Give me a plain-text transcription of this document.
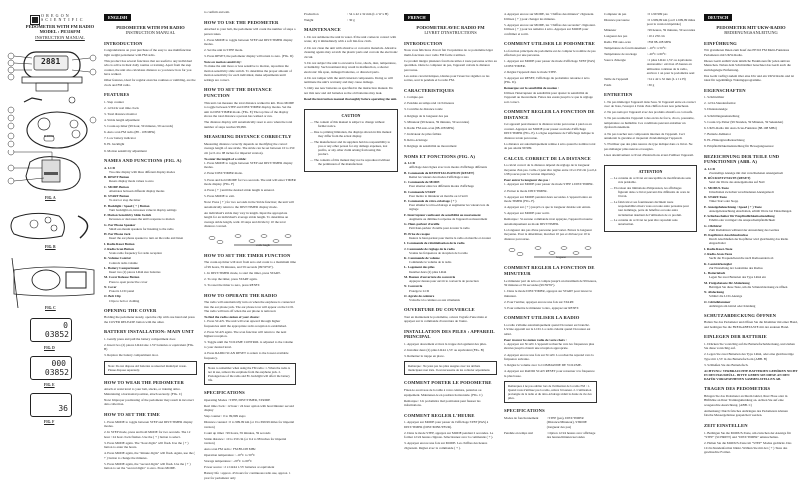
OREGON
SCIENTIFIC
PEDOMETER WITH FM RADIO
MODEL : PE316FM
INSTRUCTION MANUAL
2881
RADIO
FIG. A
FIG. B
FIG. C
0
03852
FIG. D
000
03852
FIG. E
36
FIG. F
ENGLISH
PEDOMETER WITH FM RADIO
INSTRUCTION MANUAL
INTRODUCTION
Congratulations on your purchase of the easy to use multifunction light weight pedometer with FM radio.
This product has several functions that are useful to any individual who is active in their daily routine or training. Apart from the step counter, the unit also calculates distance so you know how far you have walked.
Other features, ideal for regular exercise routines or rambling, are the clock and FM radio.
FEATURES
1. Step counter
2. 12/24 hr real time clock
3. Total distance monitor
4. Stride length adjustment
5. Count-up timer (99 hour, 59 minutes, 59 seconds)
6. Auto scan FM radio (88 - 108 MHz)
7. Low battery indicator
8. EL backlight
9. Motion sensitivity adjustment
NAMES AND FUNCTIONS (FIG. A)
A. LCD
Two-line display with three different display modes
B. RESET Button
Resets display mode values to zero
C. MODE Button
Alternates between different display modes
D. START Button
To start or stop the timer
E. Backlight / Speed ( + ) Button
Turn backlight on, increases value in display settings
F. Motion Sensitivity Slide Switch
Increases or decreases the unit's response to motion
G. Ear Phone Speaker
Small ear-mount speakers for listening to the radio
H. Ear Phone Jack
Insert the ear phone speaker to turn on the radio and listen
I. Radio Reset Button
J. Radio Scan Button
Scans radio frequency for radio reception
K. Volume Control
Controls radio volume
L. Battery Compartment
Insert two (2) pieces LR44 size batteries
M. Cover Release Button
Press to open protective cover
N. Cover
Protects LCD panel
O. Belt Clip
Clips to belt or clothing
OPENING THE COVER
Holding the pedometer steady, open the clip with one hand and press the COVER RELEASE button with the other.
BATTERY INSTALLATION: MAIN UNIT
1. Gently press and pull the battery compartment door.
2. Insert two (2) pieces LR44 size 1.5V batteries or equivalent (FIG. B)
3. Replace the battery compartment door.
Note: Do not dispose old batteries as unsorted municipal waste. Please dispose separately.
HOW TO WEAR THE PEDOMETER
Attach at waist level to your belt, slacks, or training attire. Maintaining a horizontal position, attach securely. (FIG. C)
Note: Improper positioning of the pedometer may result in incorrect data collection.
HOW TO SET THE TIME
1. Press MODE to toggle between STEP and DIST/TIMER display modes.
2. In STEP mode, press and hold MODE for two seconds. The 12 hour / 24 hour clock flashes. Use the ( + ) button to select.
3. Press MODE again. The "hour digits" will flash. Use the ( + ) button to enter the hours.
4. Press MODE again, the "minute digits" will flash. Again, use the ( + ) button to change the minutes.
5. Press MODE again, the "second digits" will flash. Use the ( + ) button to set the "second digits" to zero. Press MODE.
to confirm and exit.
HOW TO USE THE PEDOMETER
Attached to your belt, the pedometer will count the number of steps a person takes.
1. Press MODE to toggle between STEP and DIST/TIMER display modes.
2. Set the unit in STEP mode.
3. Press RESET, the pedometer display will return to zero. (FIG. D)
Note on motion sensitivity:
To make the unit more or less sensitive to motion, reposition the motion sensitivity slide switch. To determine the proper amount of motion sensitivity for each individual, make adjustments until settings are correct.
HOW TO SET THE DISTANCE FUNCTION
This unit can measure the total distance walked in km. Press MODE to toggle between STEP and DIST/TIMER display modes. Set the unit in DIST/TIMER mode. (FIG. E) The top line of the display shows the total distance a person has walked or run.
The distance display will automatically reset to zero when the total number of steps reaches 99,999.
MEASURING DISTANCE CORRECTLY
Measuring distance correctly depends on modifying the correct average length of one stride. The stride can be set between 10 to 250 cm (or 0.4 to 98 inches for imperial version).
To enter the length of a stride:
1. Press MODE to toggle between STEP and DIST/TIMER display modes.
2. Enter DIST/TIMER mode.
3. Press and hold MODE for two seconds. The unit will enter TIMER mode display. (FIG. F)
4. Press ( + ) until the desired stride length is entered.
5. Press MODE to exit.
Note: Press ( + ) for two seconds in the Stride function; the unit will automatically return to the DIST/TIMER display mode.
An individual's stride may vary in length. Input the appropriate length for an individual's average stride length. To determine an average stride length, walk 10 steps and divide by 10 the total distance covered.
stride length
HOW TO SET THE TIMER FUNCTION
The count-up timer will start from zero and count to a maximum time of 99 hours, 59 minutes, and 59 seconds (99:59'59").
1. In DIST/TIMER mode, to start the timer, press START.
2. To stop the timer, press START again.
3. To reset the timer to zero, press RESET.
HOW TO OPERATE THE RADIO
The radio will automatically turn on when the earphone is connected into the ear phone jack. The ear phone icon will appear on the LCD. The radio will turn off when the ear phone is removed.
To find the radio station of your choice:
1. Press SCAN. The unit will scan upward through higher frequencies until the appropriate radio reception is established.
2. Press SCAN again. The scan function will return to the next highest reception.
3. Toggle until the VOLUME CONTROL is adjusted to the volume to your desired level.
4. Press RADIO SCAN RESET to return to the lowest available frequency.
Notes to remember when using the FM radio: 1. When the radio is not in use, remove the earphone from the earphone jack. 2. Prolonged use of the radio and EL backlight will affect the battery life.
SPECIFICATIONS
Operating Modes : STEP, DIST/TIMER, STRIDE
Real time clock : 12 hour / 24 hour option with hour/minute/ second display
Step counter : 0 to 99,999 steps
Distance counted : 0 to 999.99 km (or 0 to 699.99 miles for imperial version)
Count up timer : 99 hours, 59 minutes, 59 seconds
Stride distance : 10 to 250 cm (or 0.4 to 98 inches for imperial version)
Auto scan FM radio : FM 88-108 MHz
Operation temperature : -10°C to 50°C
Storage temperature : -20°C to 60°C
Power source : 2 x LR44 1.5V batteries or equivalent
Battery life : approx. 45 hours for continuous radio use, approx. 1 year for pedometer only
Production	: 54 x 42 x 32 mm (L x W x H)
Weight	: 30 g
MAINTENANCE
1. Do not submerse the unit in water. If the unit comes in contact with water, dry it immediately with a soft lint-free cloth.
2. Do not clean the unit with abrasive or corrosive materials. Abrasive cleaning agents may scratch the plastic parts and corrode the electronic circuit.
3. Do not subject the unit to excessive force, shock, dust, temperature, or humidity. Such treatment may result in malfunction, a shorter electronic life span, damaged batteries, or distorted parts.
4. Do not tamper with the unit's internal components. Doing so will terminate the unit's warranty and may cause damage.
5. Only use new batteries as specified in the instruction manual. Do not mix new and old batteries as the old batteries may leak.
Read the instruction manual thoroughly before operating the unit.
CAUTION
— The content of this manual is subject to change without further notice.
— Due to printing limitation, the displays shown in this manual may differ from the actual display.
— The manufacturer and its suppliers hold no responsibility to you or any other person for any damage expenses, lost profits, or any other claim arising from using this product.
— The contents of this manual may not be reproduced without the permission of the manufacturer.
FRENCH
PODOMETRE AVEC RADIO FM
LIVRET D'INSTRUCTIONS
INTRODUCTION
Nous vous félicitons d'avoir fait l'acquisition de ce podomètre léger multi-fonctions avec radio FM facile à utiliser.
Ce produit intègre plusieurs fonctions utiles à toute personne active au quotidien. Outre le compteur de pas, l'appareil calcule la distance parcourue.
Les autres caractéristiques, idéales pour l'exercice régulier ou les sorties, sont la pendule et la radio FM.
CARACTERISTIQUES
1. Compte-pas
2. Pendule en temps réel 12/24 heures
3. Contrôle de distance totale
4. Réglage de la longueur des pas
5. Minuteur (99 heures, 59 minutes, 59 secondes)
6. Radio FM auto-scan (88-108 MHz)
7. Indicateur de piles faibles
8. Rétro-éclairage
9. Réglage de sensibilité au mouvement
NOMS ET FONCTIONS (FIG. A)
A. LCD
Affichage deux lignes avec trois modes d'affichage différents
B. Commande de REINITIALISATION (RESET)
Remet les valeurs des modes d'affichage à zéro
C. Commande de MODE
Pour alterner entre les différents modes d'affichage
D. Commande START
Pour mettre le minuteur en marche ou à l'arrêt
E. Commande de rétro-éclairage ( + )
Pour allumer le rétro-éclairage et augmenter les valeurs lors du réglage
F. Interrupteur coulissant de sensibilité au mouvement
Augmente ou diminue la réponse de l'appareil au mouvement
G. Haut-parleur d'oreille
Petit haut-parleur d'oreille pour écouter la radio
H. Prise de casque
Insérez le haut-parleur pour mettre la radio en marche et écouter
I. Commande de réinitialisation de la radio
J. Commande de réglage de la radio
Scanne les fréquences de réception de la radio
K. Commande de volume
Commande le volume de la radio
L. Logement des piles
Installez deux (2) piles LR44
M. Bouton d'ouverture du couvercle
Appuyez dessus pour ouvrir le couvercle de protection
N. Couvercle
Protège le LCD
O. Agrafe de ceinture
S'attache à la ceinture ou aux vêtements
OUVERTURE DU COUVERCLE
Tout en maintenant le podomètre, ouvrez l'agrafe d'une main et appuyez sur la commande d'ouverture de l'autre.
INSTALLATION DES PILES : APPAREIL PRINCIPAL
1. Appuyez doucement et tirez la trappe du logement des piles.
2. Installez deux (2) piles LR44 1,5V ou équivalent (FIG. B)
3. Remettez la trappe en place.
Remarque : Ne jetez pas les piles usagées avec les déchets municipaux non triés. Il est nécessaire de les collecter séparément.
COMMENT PORTER LE PODOMETRE
Fixez-le au niveau de la taille à votre ceinture, pantalon ou équipement. Maintenez-le en position horizontale. (FIG. C)
Remarque : Un podomètre mal positionné peut fausser les informations.
COMMENT REGLER L'HEURE
1. Appuyez sur MODE pour passer de l'affichage STEP (PAS) à DIST/TIMER (DIST/MINUTEUR).
2. Dans le mode STEP, appuyez sur MODE pendant 2 secondes. Le format 12/24 heures clignote. Sélectionnez avec la commande ( + ).
3. Appuyez encore une fois sur MODE. Les chiffres des heures clignotent. Réglez avec la commande ( + ).
4. Appuyez encore sur MODE, les "chiffres des minutes" clignotent. Utilisez ( + ) pour changer les minutes.
5. Appuyez encore sur MODE, les "chiffres des secondes" clignotent. Utilisez ( + ) pour les remettre à zéro. Appuyez sur MODE pour confirmer et sortir.
COMMENT UTILISER LE PODOMETRE
La fonction principale du podomètre est de compter le nombre de pas effectués par une personne.
1. Appuyez sur MODE pour passer du mode d'affichage STEP (PAS) à DIST/TIMER.
2. Réglez l'appareil dans le mode STEP.
3. Appuyez sur RESET, l'affichage du podomètre retourne à zéro (FIG. D).
Remarque sur la sensibilité de motion :
Utilisez l'interrupteur de sensibilité pour ajuster la sensibilité de l'appareil au mouvement. Faites des essais jusqu'à ce que le réglage soit correct.
COMMENT REGLER LA FONCTION DE DISTANCE
Cet appareil peut mesurer la distance totale parcourue à pied ou en courant. Appuyez sur MODE pour passer au mode d'affichage DIST/TIMER (FIG. E). La ligne supérieure de l'affichage indique la distance totale parcourue.
La distance est automatiquement remise à zéro quand le nombre total de pas atteint 99 999.
CALCUL CORRECT DE LA DISTANCE
La calcul correct de la distance dépend du réglage de la longueur moyenne d'un pas. Celle-ci peut être réglée entre 10 et 250 cm (ou 0,4 à 98 pouces pour la version impériale).
Pour entrer la longueur des pas :
1. Appuyez sur MODE pour passer du mode STEP à DIST/TIMER.
2. Entrez le mode DIST/TIMER.
3. Appuyez sur MODE pendant deux secondes. L'appareil entre en mode TIMER (FIG. F).
4. Appuyez sur ( + ) jusqu'à ce que la longueur désirée soit entrée.
5. Appuyez sur MODE pour sortir.
Remarque : Si aucune commande n'est appuyée, l'appareil retourne automatiquement au mode DIST/TIMER.
La longueur des pas d'une personne peut varier. Entrez la longueur moyenne. Pour la déterminer, marchez 10 pas et divisez par 10 la distance parcourue.
longueur
COMMENT REGLER LA FONCTION DE MINUTEUR
Le minuteur part de zéro et compte jusqu'à un maximum de 99 heures, 59 minutes et 59 secondes (99:59'59").
1. Dans le mode DIST/TIMER, appuyez sur START pour lancer le minuteur.
2. Pour l'arrêter, appuyez encore une fois sur START.
3. Pour remettre le minuteur à zéro, appuyez sur RESET.
COMMENT UTILISER LA RADIO
La radio s'allume automatiquement quand l'écouteur est branché. L'icône apparaît sur le LCD. La radio s'éteint quand l'écouteur est retiré.
Pour trouver la station radio de votre choix :
1. Appuyez sur SCAN. L'appareil recherche vers les fréquences plus élevées jusqu'à obtenir une réception appropriée.
2. Appuyez encore une fois sur SCAN. La recherche reprend vers la fréquence suivante.
3. Réglez le volume avec la COMMANDE DE VOLUME.
4. Appuyez sur RADIO SCAN RESET pour retourner à la fréquence la plus basse.
Remarques à ne pas oublier lors de l'utilisation de la radio FM : 1. Quand vous n'utilisez pas la radio, retirez l'écouteur. 2. L'utilisation prolongée de la radio et du rétro-éclairage réduit la durée de vie des piles.
SPECIFICATIONS
Modes de fonctionnement	: STEP (pas), DIST/TIMER (Distance/Minuteur), STRIDE (longueur des pas)
Pendule en temps réel	: Option 12/24 heures avec affichage des heures/minutes/secondes
Compteur de pas	: 0 à 99 999 pas
Distance parcourue	: 0 à 999,99 km (ou 0 à 699,99 miles pour la version impériale)
Minuteur	: 99 heures, 59 minutes, 59 secondes
Longueur des pas	: 10 à 250 cm
Radio FM auto-scan	: FM 88-108 MHz
Température de fonctionnement : -10°C à 50°C
Température de stockage	: -20°C à 60°C
Source d'énergie	: 2 piles LR44 1,5V ou équivalent. Autonomie : environ 45 heures en utilisation continue de la radio, environ 1 an pour le podomètre seul
Taille de l'appareil	: 54 x 42 x 32 mm (L x l x H)
Poids	: 30 g
ENTRETIEN
1. Ne pas immerger l'appareil dans l'eau. Si l'appareil entre en contact avec de l'eau, l'essuyer à l'aide d'un chiffon doux non pelucheux.
2. Ne pas nettoyer l'appareil avec des produits abrasifs ou corrosifs.
3. Ne pas soumettre l'appareil à des excès de force, chocs, poussière, température ou humidité. Ces conditions peuvent entraîner un dysfonctionnement.
4. Ne pas toucher aux composants internes de l'appareil. Ceci annulerait la garantie et risquerait d'endommager l'appareil.
5. N'utiliser que des piles neuves du type indiqué dans ce livret. Ne pas mélanger piles neuves et usagées.
Lisez attentivement ce livret d'instructions avant d'utiliser l'appareil.
ATTENTION
— Le contenu de ce livret est susceptible de modifications sans avis préalable.
— En raison des limitations d'impression, les affichages figurant dans ce livret peuvent être différents de ceux de l'écran.
— Le fabricant et ses fournisseurs déclinent toute responsabilité envers vous ou toute autre personne pour tout dommage, perte de bénéfice ou toute autre réclamation résultant de l'utilisation de ce produit.
— Le contenu de ce livret ne peut être reproduit sans autorisation.
DEUTSCH
PEDOMETER MIT UKW-RADIO
BEDIENUNGSANLEITUNG
EINFÜHRUNG
Wir gratulieren Ihnen zum Kauf des PE316 FM Multi-Funktions Pedometers mit UKW-Radio.
Dieses Gerät enthält viele nützliche Funktionen für jeden aktiven Menschen. Neben dem Schrittzähler berechnet das Gerät auch die zurückgelegte Entfernung.
Das Gerät verfügt zudem über eine Uhr und ein UKW-Radio und ist ideal für regelmäßige Trainingsprogramme.
EIGENSCHAFTEN
1. Schrittzähler
2. 12/24-Stundenformat
3. Distanzanzeige
4. Schrittlängeneinstellung
5. Count-Up-Timer (99 Stunden, 59 Minuten, 59 Sekunden)
6. UKW-Radio mit Auto-Scan-Funktion (88-108 MHz)
7. Batterie-Indikator
8. EL-Hintergrundbeleuchtung
9. Empfindlichkeitseinstellung für Bewegungssensor
BEZEICHNUNG DER TEILE UND FUNKTIONEN (ABB. A)
A. LCD
Zweizeilige Anzeige mit drei verschiedenen Anzeigemodi
B. RÜCKSETZTASTE (RESET)
Setzt die Werte des Anzeigemodus auf Null
C. MODUS-Taste
Umschalten zwischen verschiedenen Anzeigemodi
D. START-Taste
Timer Start oder Stopp
E. Anzeigebeleuchtung / Speed ( + ) Taste
Anzeigebeleuchtung einschalten, erhöht Werte bei Einstellungen
F. Schiebeschalter für Empfindlichkeitseinstellung
Erhöht oder verringert die Ansprechempfindlichkeit
G. Ohrhörer
Zum Radiohören während der Anwendung des Gerätes
H. Kopfhörer-Anschlussbuchse
Durch Anschließen der Kopfhörer wird gleichzeitig das Radio eingeschaltet
I. Radio Reset-Taste
J. Radio-Scan-Taste
Sucht die Frequenzbereiche nach Radiosendern ab
K. Lautstärkeregler
Zur Einstellung der Lautstärke des Radios
L. Batteriefach
Legen Sie zwei Batterien des Typs LR44 ein
M. Freigabetaste für Abdeckung
Betätigen Sie diese Taste, um die Schutzabdeckung zu öffnen
N. Abdeckung
Schützt die LCD-Anzeige
O. Gürtelklammer
Anbringen am Gürtel oder Kleidung
SCHUTZABDECKUNG ÖFFNEN
Halten Sie das Pedometer und öffnen Sie die Klammer mit einer Hand, und betätigen Sie die FREIGABETASTE mit der anderen Hand.
EINLEGEN DER BATTERIE
1. Drücken Sie vorsichtig auf die Batteriefachabdeckung, und ziehen Sie diese vorsichtig auf.
2. Legen Sie zwei Batterien des Typs LR44, oder eine gleichwertige Type mit 1,5V in das Batteriefach ein (ABB. B)
3. Schließen Sie das Batteriefach.
ACHTUNG: VERBRAUCHTE BATTERIEN GEHÖREN NICHT IN DEN HAUSMÜLL. BITTE GEBEN SIE DIESE AN DEN DAFÜR VORGESEHENEN SAMMELSTELLEN AB.
TRAGEN DES PEDOMETERS
Bringen Sie das Pedometer an Ihrem Gürtel, Ihrer Hose oder in Hüfthöhe an Ihrer Trainingskleidung an. Achten Sie auf eine waagerechte Ausrichtung. (ABB. C)
Anmerkung: Durch falsches Anbringen des Pedometers können falsche Messergebnisse gespeichert werden.
ZEIT EINSTELLEN
1. Betätigen Sie die MODUS-Taste, um zwischen der Anzeige für "STEP" (SCHRITT) und "DIST/TIMER" umzuschalten.
2. Halten Sie die MODUS-Taste im "STEP" Modus gedrückt. Das 12/24-Stundenformat blinkt. Wählen Sie mit der ( + ) Taste das gewünschte Format.
